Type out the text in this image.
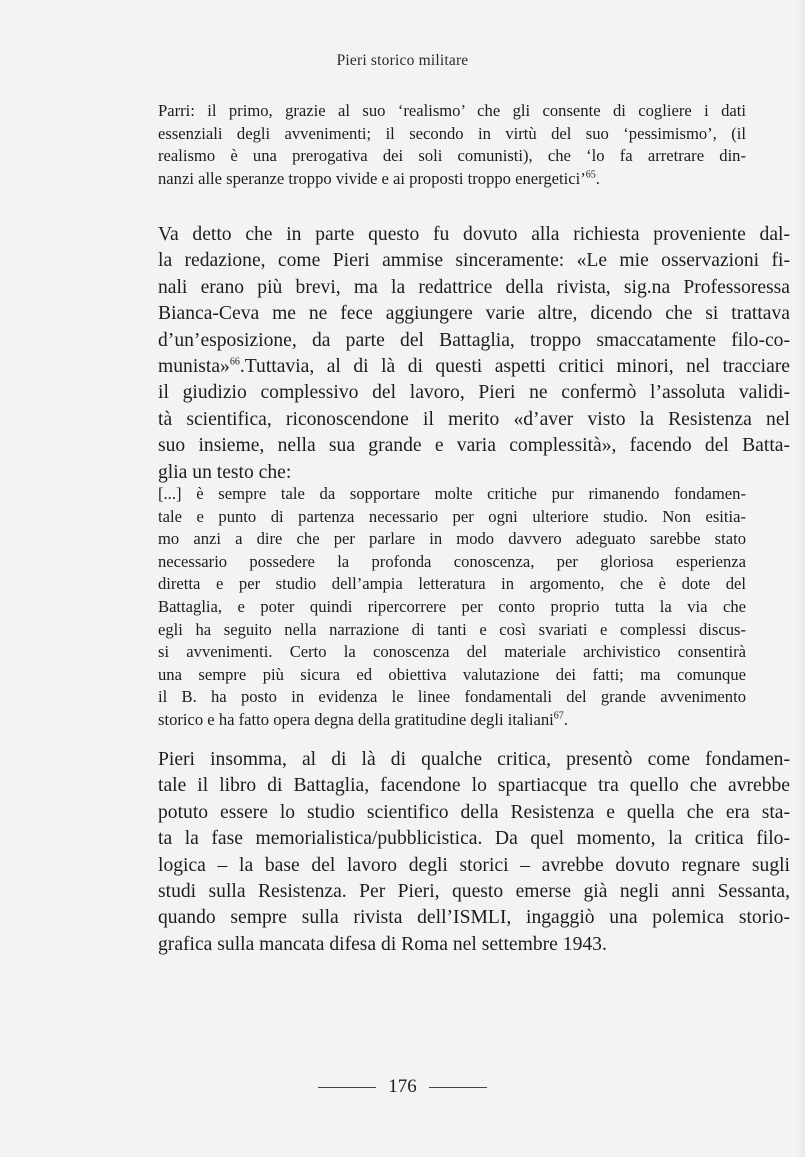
Pieri storico militare
Parri: il primo, grazie al suo ‘realismo’ che gli consente di cogliere i dati
essenziali degli avvenimenti; il secondo in virtù del suo ‘pessimismo’, (il
realismo è una prerogativa dei soli comunisti), che ‘lo fa arretrare din-
nanzi alle speranze troppo vivide e ai proposti troppo energetici’$^{65}$.
Va detto che in parte questo fu dovuto alla richiesta proveniente dal-
la redazione, come Pieri ammise sinceramente: «Le mie osservazioni fi-
nali erano più brevi, ma la redattrice della rivista, sig.na Professoressa
Bianca-Ceva me ne fece aggiungere varie altre, dicendo che si trattava
d’un’esposizione, da parte del Battaglia, troppo smaccatamente filo-co-
munista»$^{66}$.Tuttavia, al di là di questi aspetti critici minori, nel tracciare
il giudizio complessivo del lavoro, Pieri ne confermò l’assoluta validi-
tà scientifica, riconoscendone il merito «d’aver visto la Resistenza nel
suo insieme, nella sua grande e varia complessità», facendo del Batta-
glia un testo che:
[...] è sempre tale da sopportare molte critiche pur rimanendo fondamen-
tale e punto di partenza necessario per ogni ulteriore studio. Non esitia-
mo anzi a dire che per parlare in modo davvero adeguato sarebbe stato
necessario possedere la profonda conoscenza, per gloriosa esperienza
diretta e per studio dell’ampia letteratura in argomento, che è dote del
Battaglia, e poter quindi ripercorrere per conto proprio tutta la via che
egli ha seguito nella narrazione di tanti e così svariati e complessi discus-
si avvenimenti. Certo la conoscenza del materiale archivistico consentirà
una sempre più sicura ed obiettiva valutazione dei fatti; ma comunque
il B. ha posto in evidenza le linee fondamentali del grande avvenimento
storico e ha fatto opera degna della gratitudine degli italiani$^{67}$.
Pieri insomma, al di là di qualche critica, presentò come fondamen-
tale il libro di Battaglia, facendone lo spartiacque tra quello che avrebbe
potuto essere lo studio scientifico della Resistenza e quella che era sta-
ta la fase memorialistica/pubblicistica. Da quel momento, la critica filo-
logica – la base del lavoro degli storici – avrebbe dovuto regnare sugli
studi sulla Resistenza. Per Pieri, questo emerse già negli anni Sessanta,
quando sempre sulla rivista dell’ISMLI, ingaggiò una polemica storio-
grafica sulla mancata difesa di Roma nel settembre 1943.
176
